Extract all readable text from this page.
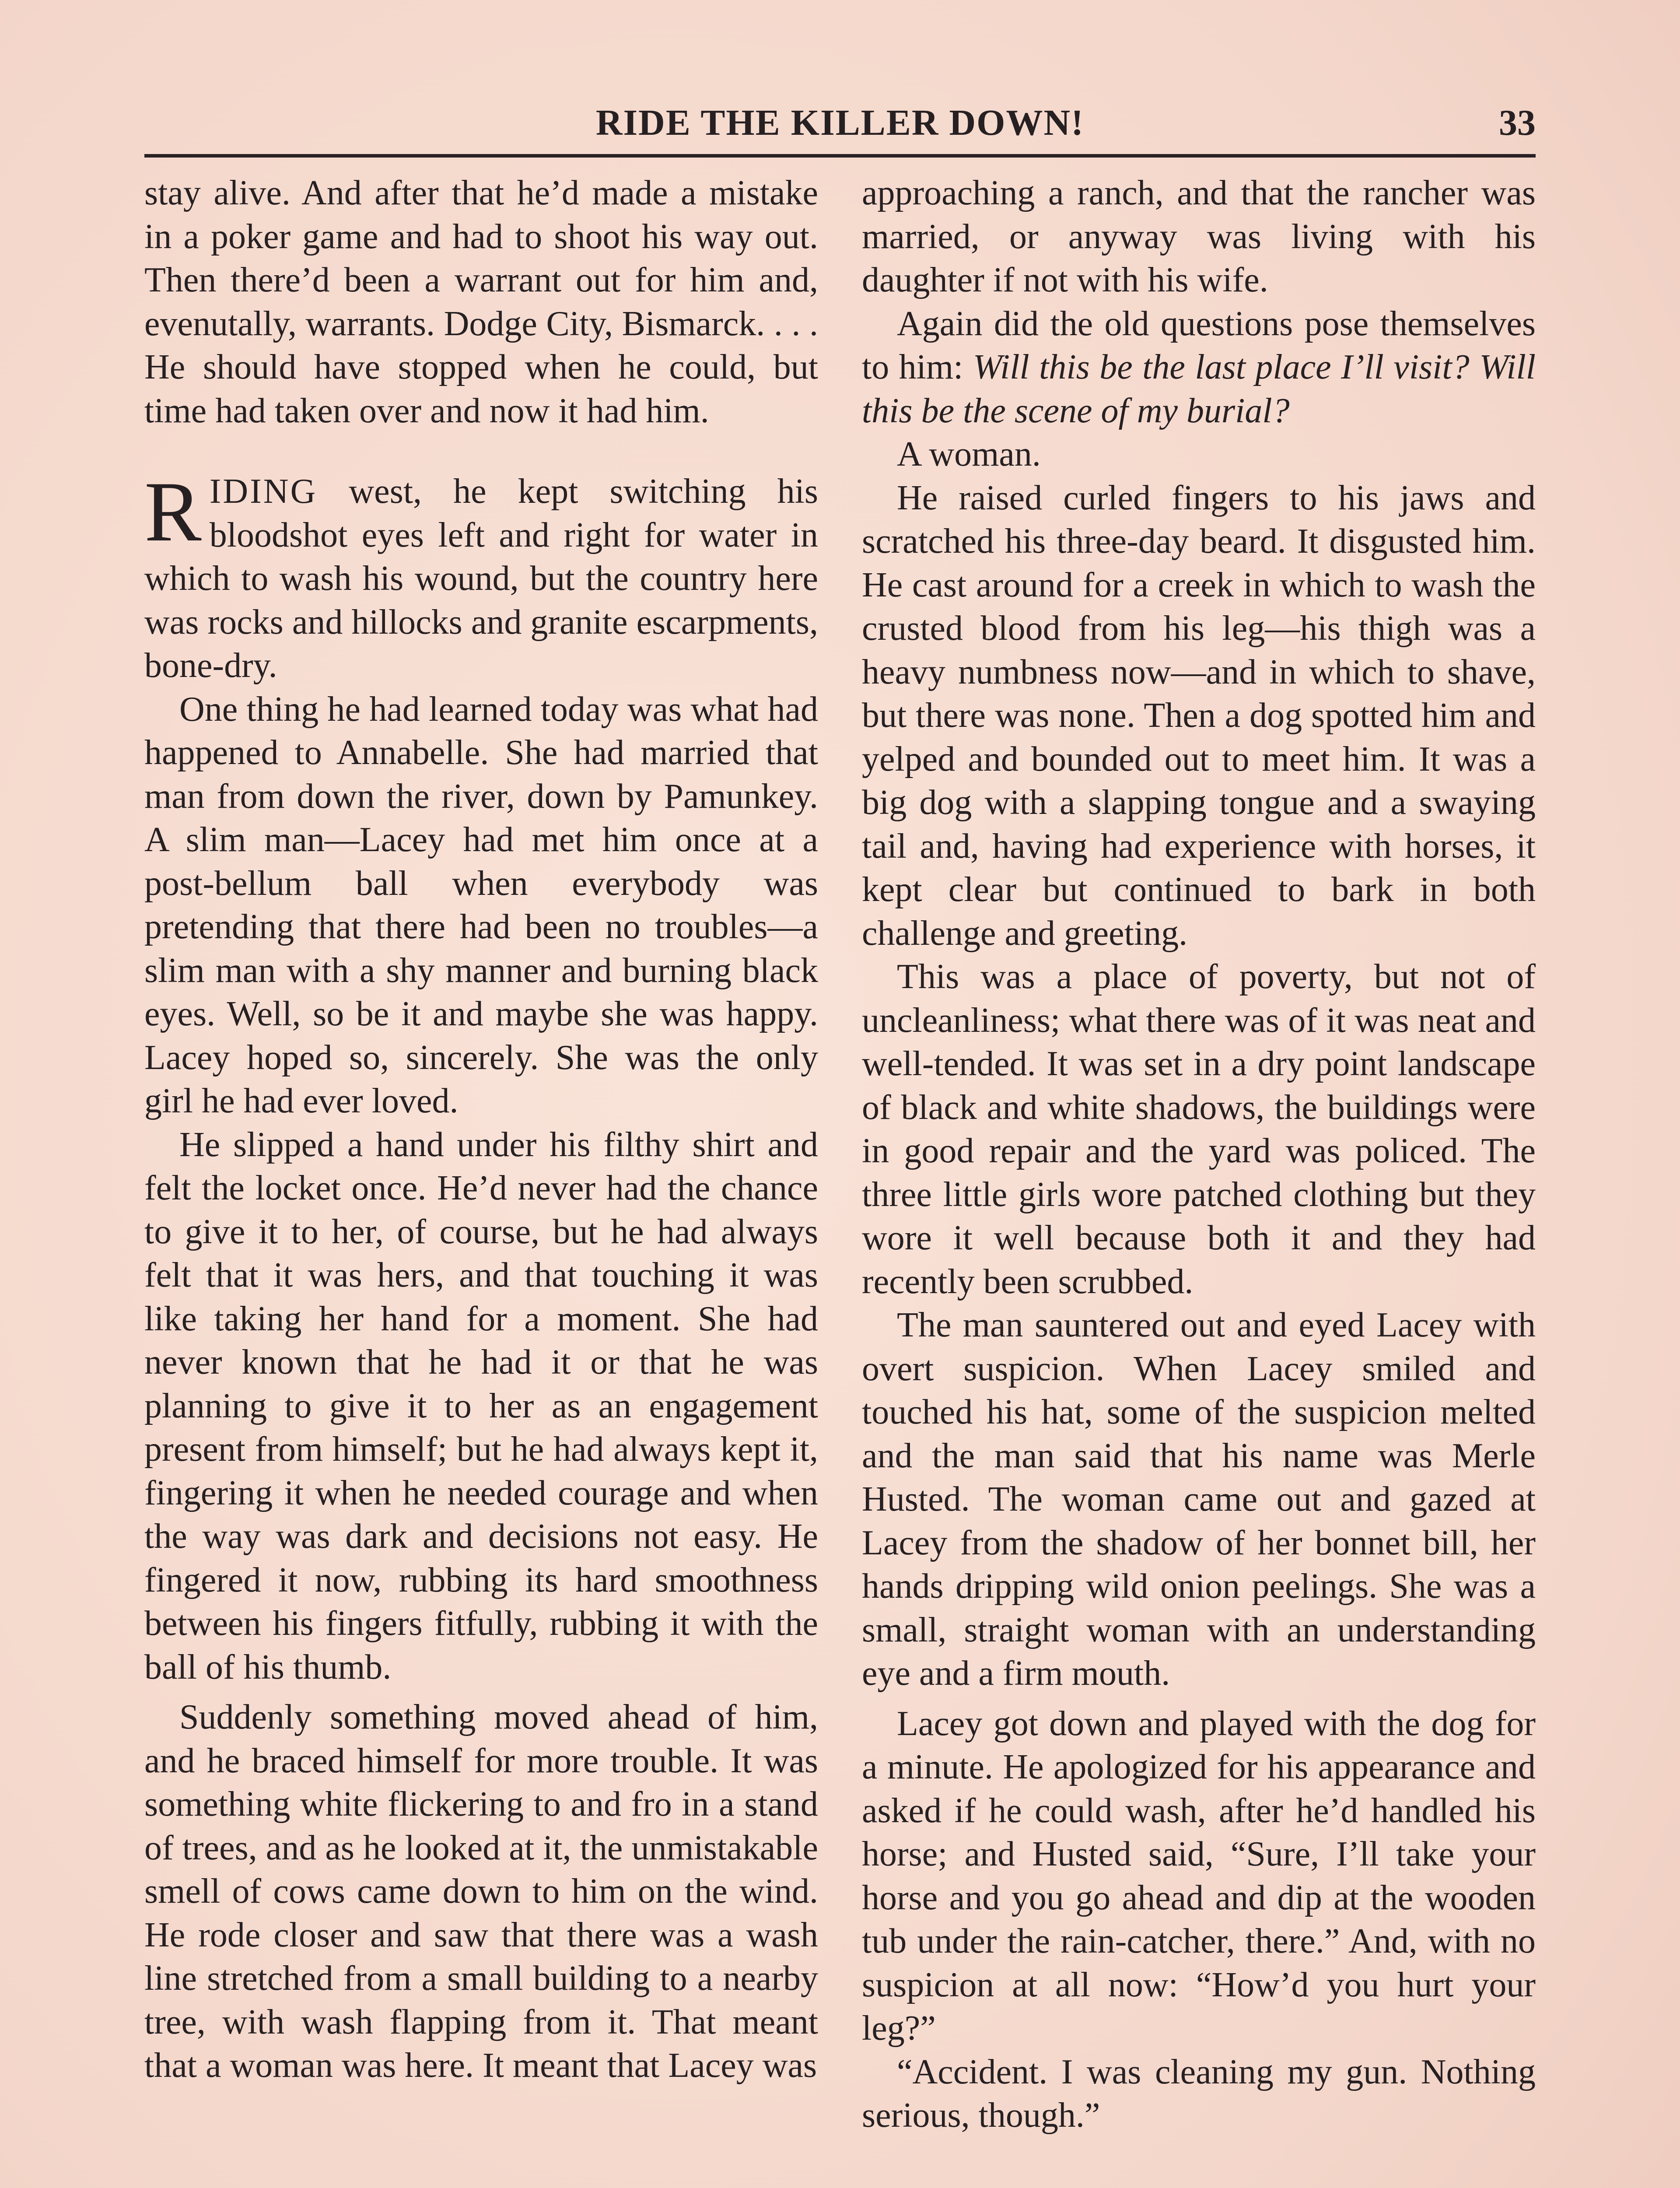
RIDE THE KILLER DOWN!	33

stay alive. And after that he’d made a mistake in a poker game and had to shoot his way out. Then there’d been a warrant out for him and, evenutally, warrants. Dodge City, Bismarck. . . . He should have stopped when he could, but time had taken over and now it had him.

RIDING west, he kept switching his bloodshot eyes left and right for water in which to wash his wound, but the country here was rocks and hillocks and granite escarpments, bone-dry.

One thing he had learned today was what had happened to Annabelle. She had married that man from down the river, down by Pamunkey. A slim man—Lacey had met him once at a post-bellum ball when everybody was pretending that there had been no troubles—a slim man with a shy manner and burning black eyes. Well, so be it and maybe she was happy. Lacey hoped so, sincerely. She was the only girl he had ever loved.

He slipped a hand under his filthy shirt and felt the locket once. He’d never had the chance to give it to her, of course, but he had always felt that it was hers, and that touching it was like taking her hand for a moment. She had never known that he had it or that he was planning to give it to her as an engagement present from himself; but he had always kept it, fingering it when he needed courage and when the way was dark and decisions not easy. He fingered it now, rubbing its hard smoothness between his fingers fitfully, rubbing it with the ball of his thumb.

Suddenly something moved ahead of him, and he braced himself for more trouble. It was something white flickering to and fro in a stand of trees, and as he looked at it, the unmistakable smell of cows came down to him on the wind. He rode closer and saw that there was a wash line stretched from a small building to a nearby tree, with wash flapping from it. That meant that a woman was here. It meant that Lacey was

approaching a ranch, and that the rancher was married, or anyway was living with his daughter if not with his wife.

Again did the old questions pose themselves to him: Will this be the last place I’ll visit? Will this be the scene of my burial?

A woman.

He raised curled fingers to his jaws and scratched his three-day beard. It disgusted him. He cast around for a creek in which to wash the crusted blood from his leg—his thigh was a heavy numbness now—and in which to shave, but there was none. Then a dog spotted him and yelped and bounded out to meet him. It was a big dog with a slapping tongue and a swaying tail and, having had experience with horses, it kept clear but continued to bark in both challenge and greeting.

This was a place of poverty, but not of uncleanliness; what there was of it was neat and well-tended. It was set in a dry point landscape of black and white shadows, the buildings were in good repair and the yard was policed. The three little girls wore patched clothing but they wore it well because both it and they had recently been scrubbed.

The man sauntered out and eyed Lacey with overt suspicion. When Lacey smiled and touched his hat, some of the suspicion melted and the man said that his name was Merle Husted. The woman came out and gazed at Lacey from the shadow of her bonnet bill, her hands dripping wild onion peelings. She was a small, straight woman with an understanding eye and a firm mouth.

Lacey got down and played with the dog for a minute. He apologized for his appearance and asked if he could wash, after he’d handled his horse; and Husted said, “Sure, I’ll take your horse and you go ahead and dip at the wooden tub under the rain-catcher, there.” And, with no suspicion at all now: “How’d you hurt your leg?”

“Accident. I was cleaning my gun. Nothing serious, though.”
